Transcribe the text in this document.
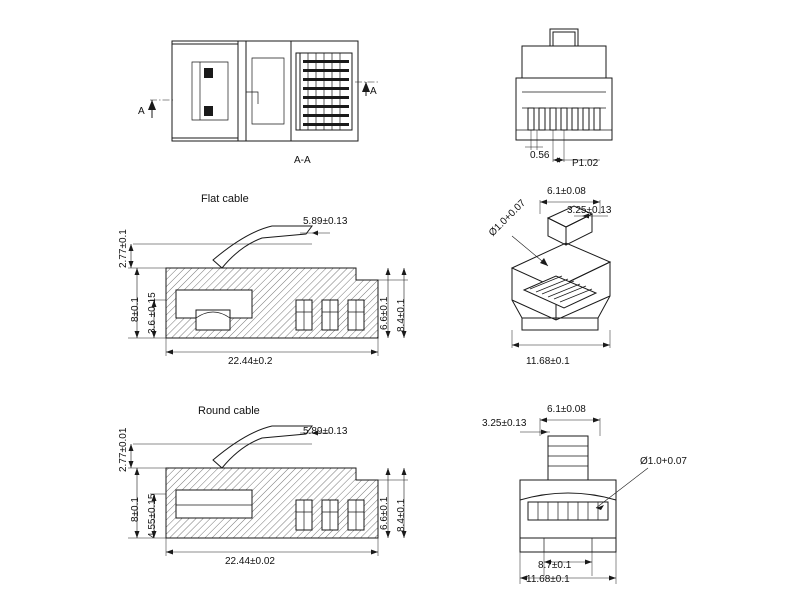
A
A
A-A	0.56
P1.02
Flat cable
2.77±0.1
5.89±0.13
8±0.1 3.6 ±0.15	6.6±0.1 8.4±0.1
22.44±0.2
6.1±0.08
3.25±0.13
Ø1.0+0.07
11.68±0.1
Round cable
2.77±0.01	5.89±0.13
8±0.1 4.55±0.15	6.6±0.1 8.4±0.1
22.44±0.02
6.1±0.08
3.25±0.13
Ø1.0+0.07
8.7±0.1
11.68±0.1
